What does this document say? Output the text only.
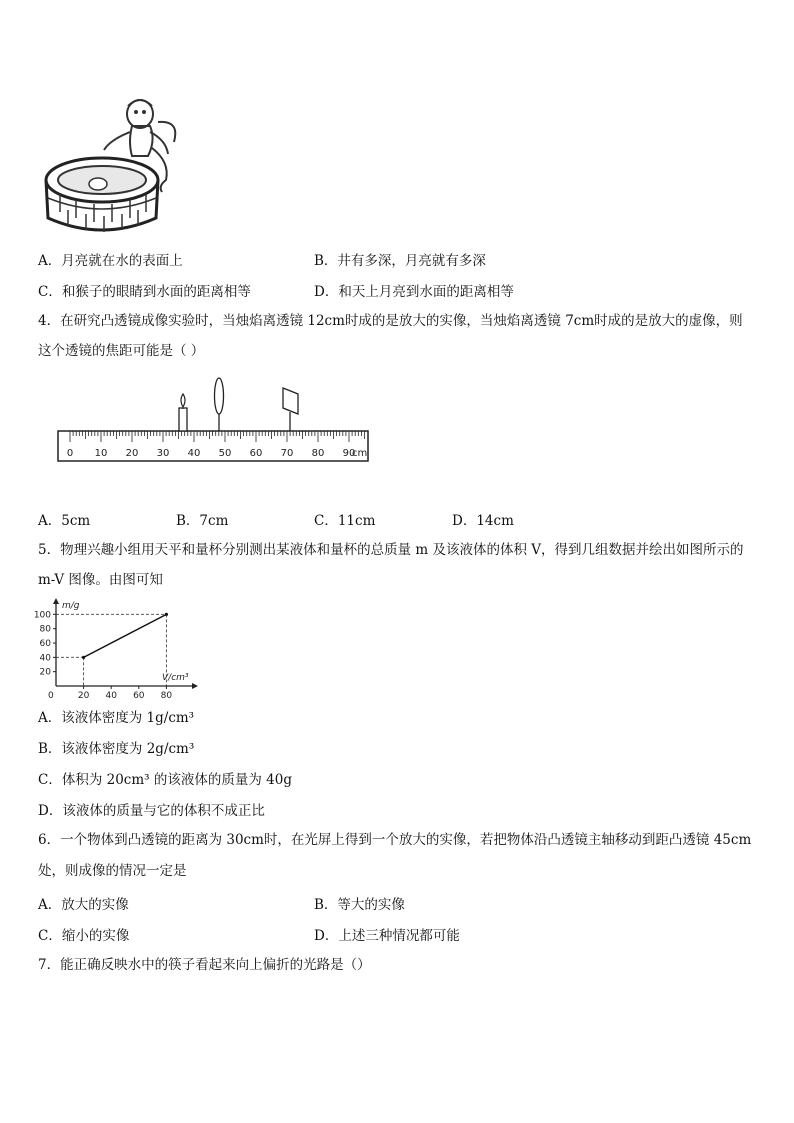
A．月亮就在水的表面上	B．井有多深，月亮就有多深
C．和猴子的眼睛到水面的距离相等	D．和天上月亮到水面的距离相等
4．在研究凸透镜成像实验时，当烛焰离透镜 12cm时成的是放大的实像，当烛焰离透镜 7cm时成的是放大的虚像，则
这个透镜的焦距可能是（ ）
0 10 20 30 40 50 60 70 80 90
cm
A．5cm	B．7cm	C．11cm	D．14cm
5．物理兴趣小组用天平和量杯分别测出某液体和量杯的总质量 m 及该液体的体积 V，得到几组数据并绘出如图所示的
m-V 图像。由图可知
m/g
V/cm³
0
20
40
60
80
100
20 40 60 80
A．该液体密度为 1g/cm³
B．该液体密度为 2g/cm³
C．体积为 20cm³ 的该液体的质量为 40g
D．该液体的质量与它的体积不成正比
6．一个物体到凸透镜的距离为 30cm时，在光屏上得到一个放大的实像，若把物体沿凸透镜主轴移动到距凸透镜 45cm
处，则成像的情况一定是
A．放大的实像	B．等大的实像
C．缩小的实像	D．上述三种情况都可能
7．能正确反映水中的筷子看起来向上偏折的光路是（）
